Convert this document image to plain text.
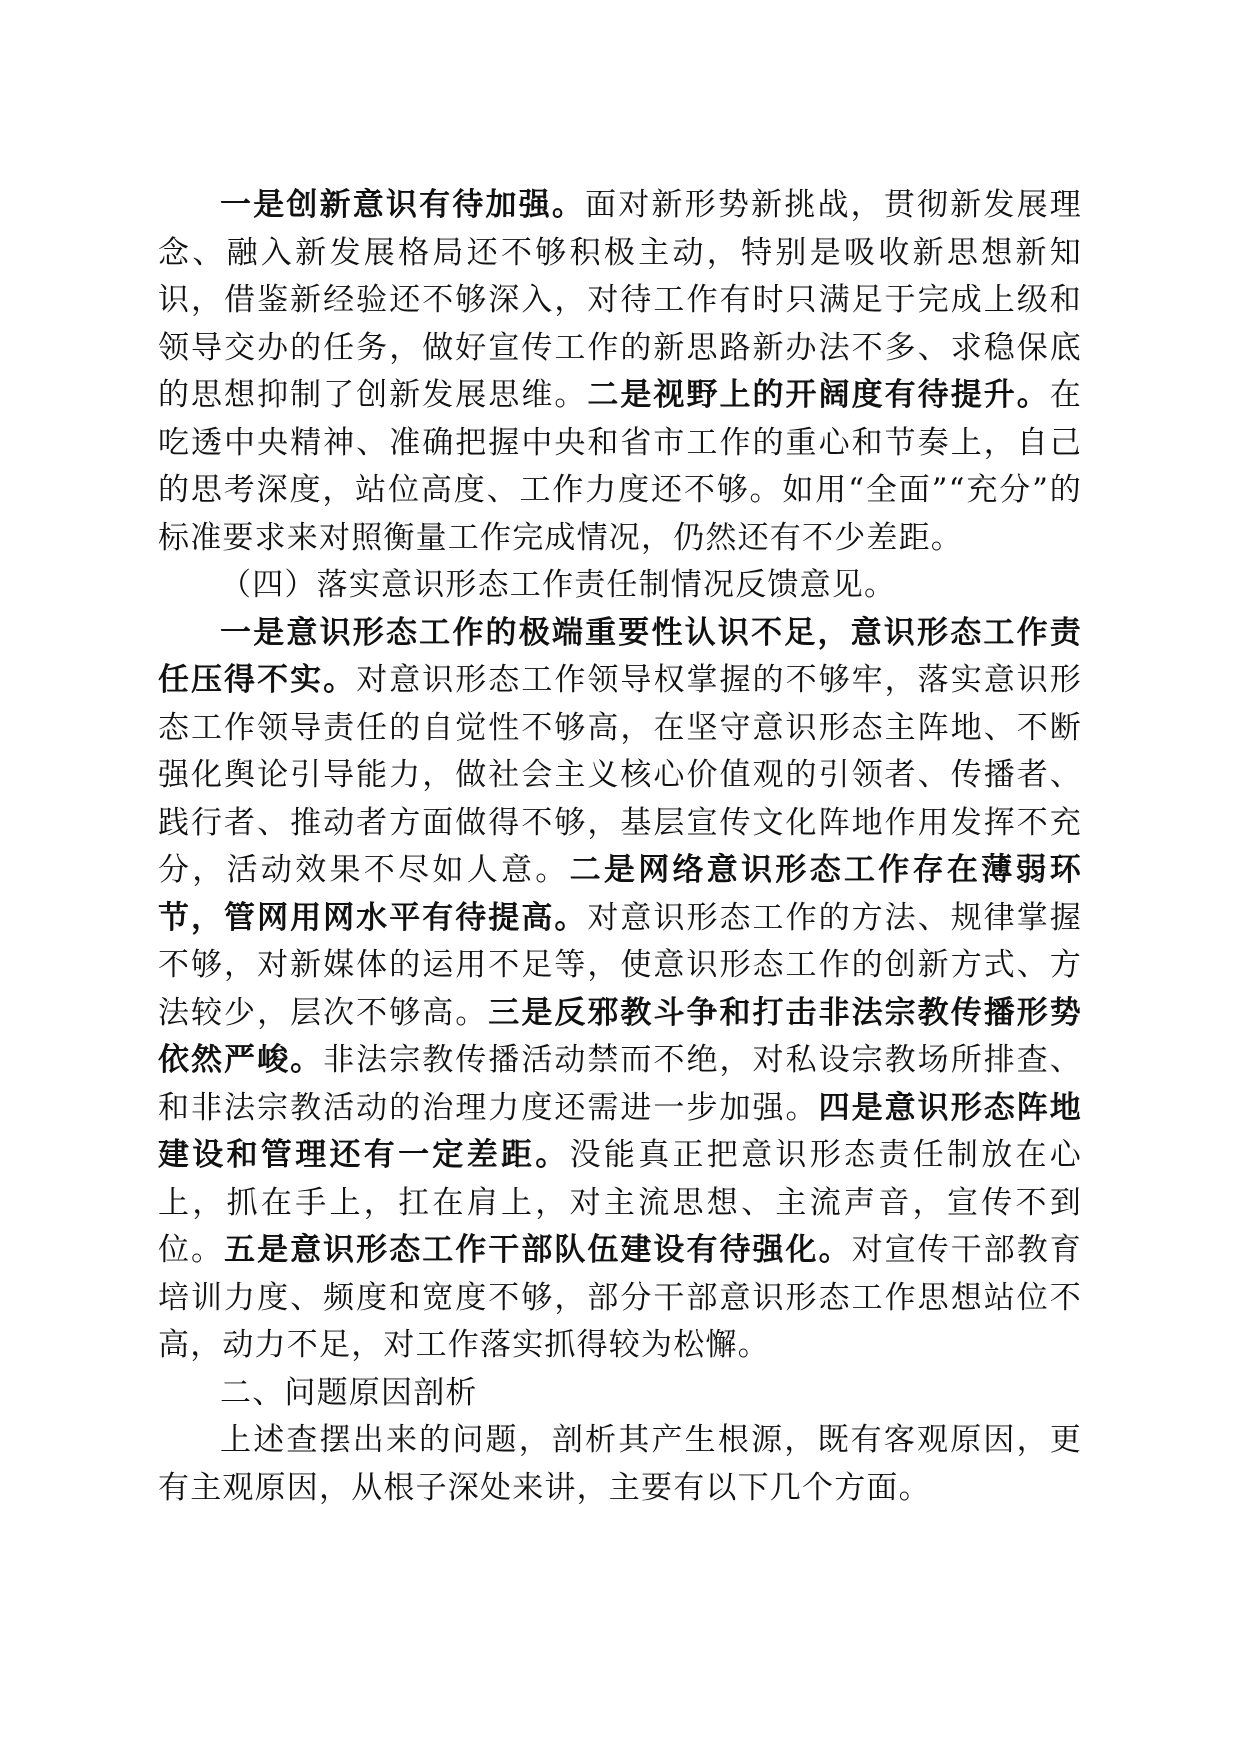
一是创新意识有待加强。面对新形势新挑战，贯彻新发展理念、融入新发展格局还不够积极主动，特别是吸收新思想新知识，借鉴新经验还不够深入，对待工作有时只满足于完成上级和领导交办的任务，做好宣传工作的新思路新办法不多、求稳保底的思想抑制了创新发展思维。二是视野上的开阔度有待提升。在吃透中央精神、准确把握中央和省市工作的重心和节奏上，自己的思考深度，站位高度、工作力度还不够。如用“全面”“充分”的标准要求来对照衡量工作完成情况，仍然还有不少差距。

（四）落实意识形态工作责任制情况反馈意见。

一是意识形态工作的极端重要性认识不足，意识形态工作责任压得不实。对意识形态工作领导权掌握的不够牢，落实意识形态工作领导责任的自觉性不够高，在坚守意识形态主阵地、不断强化舆论引导能力，做社会主义核心价值观的引领者、传播者、践行者、推动者方面做得不够，基层宣传文化阵地作用发挥不充分，活动效果不尽如人意。二是网络意识形态工作存在薄弱环节，管网用网水平有待提高。对意识形态工作的方法、规律掌握不够，对新媒体的运用不足等，使意识形态工作的创新方式、方法较少，层次不够高。三是反邪教斗争和打击非法宗教传播形势依然严峻。非法宗教传播活动禁而不绝，对私设宗教场所排查、和非法宗教活动的治理力度还需进一步加强。四是意识形态阵地建设和管理还有一定差距。没能真正把意识形态责任制放在心上，抓在手上，扛在肩上，对主流思想、主流声音，宣传不到位。五是意识形态工作干部队伍建设有待强化。对宣传干部教育培训力度、频度和宽度不够，部分干部意识形态工作思想站位不高，动力不足，对工作落实抓得较为松懈。

二、问题原因剖析

上述查摆出来的问题，剖析其产生根源，既有客观原因，更有主观原因，从根子深处来讲，主要有以下几个方面。
